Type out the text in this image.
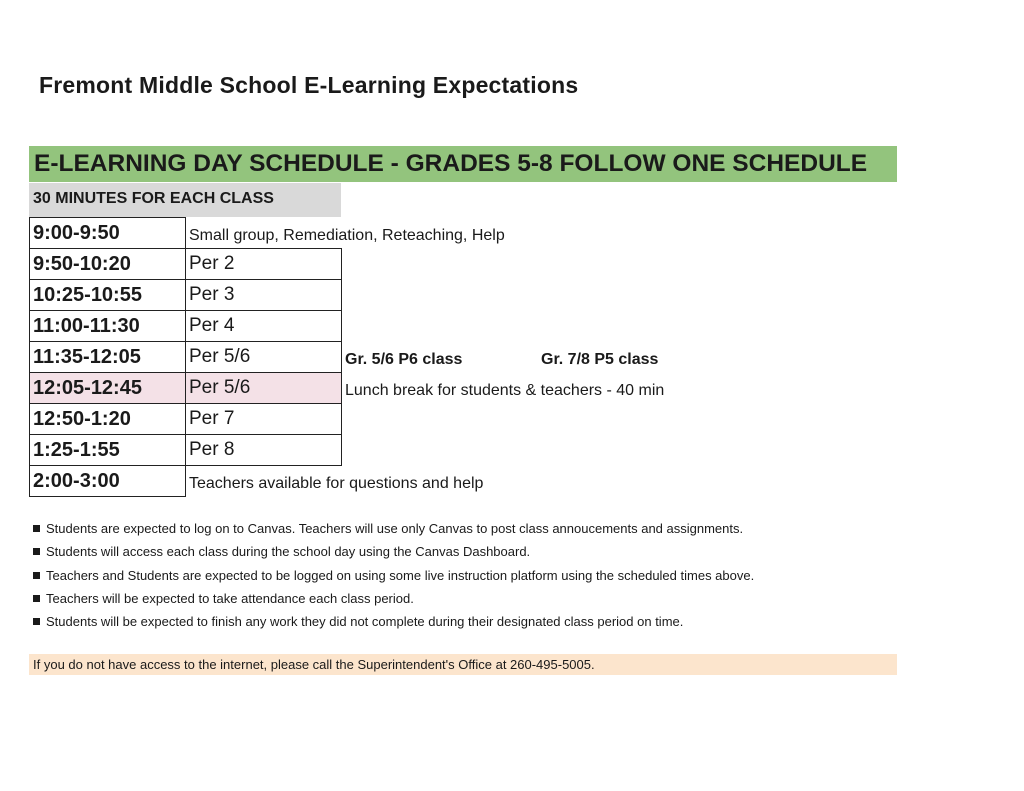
Fremont Middle School E-Learning Expectations
E-LEARNING DAY SCHEDULE - GRADES 5-8 FOLLOW ONE SCHEDULE
30 MINUTES FOR EACH CLASS
9:00-9:50	Small group, Remediation, Reteaching, Help
9:50-10:20	Per 2
10:25-10:55	Per 3
11:00-11:30	Per 4
11:35-12:05	Per 5/6	Gr. 5/6 P6 class	Gr. 7/8 P5 class
12:05-12:45	Per 5/6	Lunch break for students & teachers - 40 min
12:50-1:20	Per 7
1:25-1:55	Per 8
2:00-3:00	Teachers available for questions and help
Students are expected to log on to Canvas. Teachers will use only Canvas to post class annoucements and assignments.
Students will access each class during the school day using the Canvas Dashboard.
Teachers and Students are expected to be logged on using some live instruction platform using the scheduled times above.
Teachers will be expected to take attendance each class period.
Students will be expected to finish any work they did not complete during their designated class period on time.
If you do not have access to the internet, please call the Superintendent's Office at 260-495-5005.
